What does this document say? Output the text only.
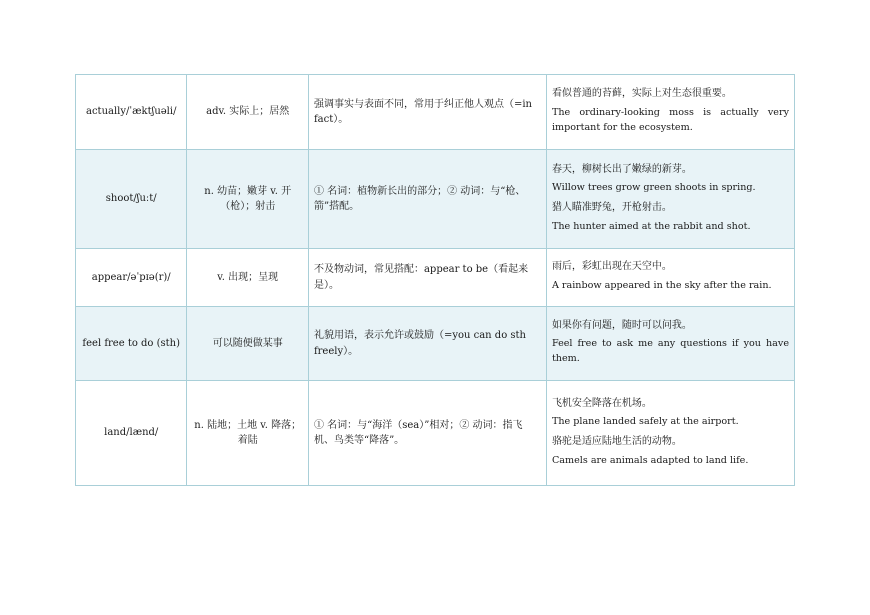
actually/ˈæktʃuəli/	adv. 实际上；居然	强调事实与表面不同，常用于纠正他人观点（=in fact）。	看似普通的苔藓，实际上对生态很重要。
The ordinary-looking moss is actually very important for the ecosystem.

shoot/ʃuːt/	n. 幼苗；嫩芽 v. 开（枪）；射击	① 名词：植物新长出的部分；② 动词：与“枪、箭”搭配。	春天，柳树长出了嫩绿的新芽。
Willow trees grow green shoots in spring.
猎人瞄准野兔，开枪射击。
The hunter aimed at the rabbit and shot.

appear/əˈpɪə(r)/	v. 出现；呈现	不及物动词，常见搭配：appear to be（看起来是）。	雨后，彩虹出现在天空中。
A rainbow appeared in the sky after the rain.

feel free to do (sth)	可以随便做某事	礼貌用语，表示允许或鼓励（=you can do sth freely）。	如果你有问题，随时可以问我。
Feel free to ask me any questions if you have them.

land/lænd/	n. 陆地；土地 v. 降落；着陆	① 名词：与“海洋（sea）”相对；② 动词：指飞机、鸟类等“降落”。	飞机安全降落在机场。
The plane landed safely at the airport.
骆驼是适应陆地生活的动物。
Camels are animals adapted to land life.
